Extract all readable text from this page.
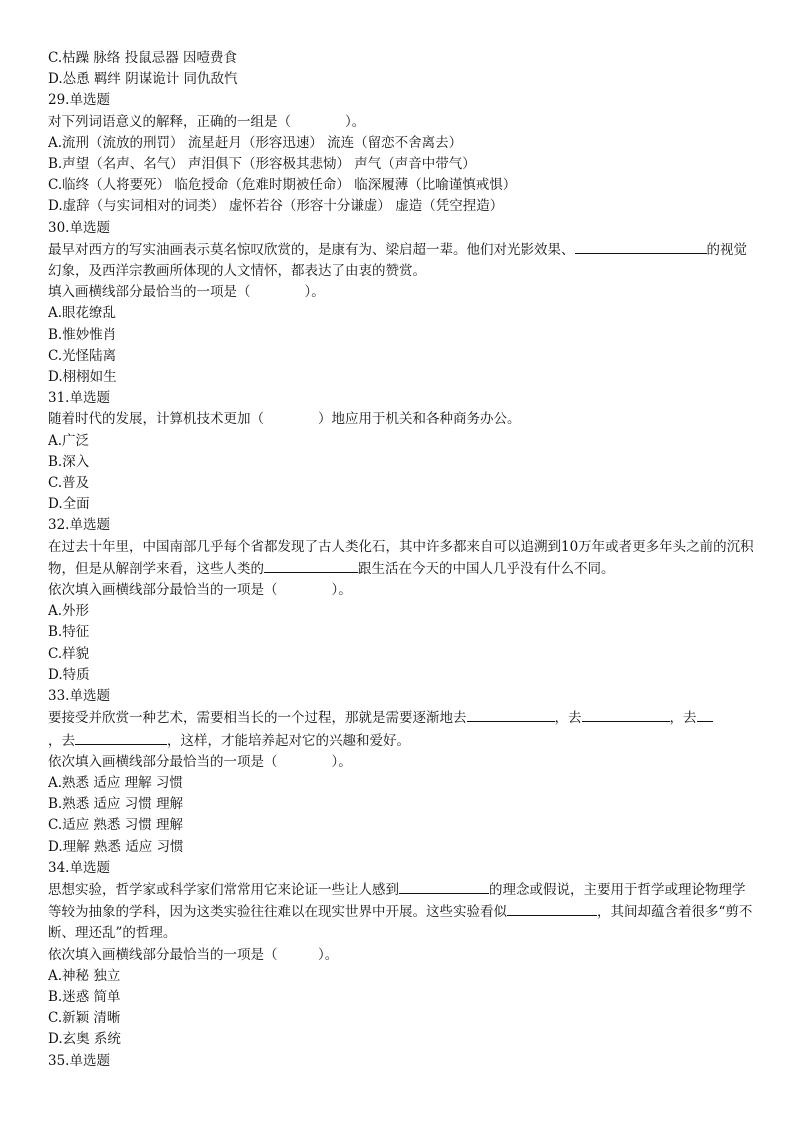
C.枯躁 脉络 投鼠忌器 因噎费食

D.怂恿 羁绊 阴谋诡计 同仇敌忾

29.单选题

对下列词语意义的解释，正确的一组是（　　　　）。

A.流刑（流放的刑罚） 流星赶月（形容迅速） 流连（留恋不舍离去）

B.声望（名声、名气） 声泪俱下（形容极其悲恸） 声气（声音中带气）

C.临终（人将要死） 临危授命（危难时期被任命） 临深履薄（比喻谨慎戒惧）

D.虚辞（与实词相对的词类） 虚怀若谷（形容十分谦虚） 虚造（凭空捏造）

30.单选题

最早对西方的写实油画表示莫名惊叹欣赏的，是康有为、梁启超一辈。他们对光影效果、	的视觉幻象，及西洋宗教画所体现的人文情怀，都表达了由衷的赞赏。

填入画横线部分最恰当的一项是（　　　　）。

A.眼花缭乱

B.惟妙惟肖

C.光怪陆离

D.栩栩如生

31.单选题

随着时代的发展，计算机技术更加（　　　　）地应用于机关和各种商务办公。

A.广泛

B.深入

C.普及

D.全面

32.单选题

在过去十年里，中国南部几乎每个省都发现了古人类化石，其中许多都来自可以追溯到10万年或者更多年头之前的沉积物，但是从解剖学来看，这些人类的	跟生活在今天的中国人几乎没有什么不同。

依次填入画横线部分最恰当的一项是（　　　　）。

A.外形

B.特征

C.样貌

D.特质

33.单选题

要接受并欣赏一种艺术，需要相当长的一个过程，那就是需要逐渐地去	，去	，去
，去	，这样，才能培养起对它的兴趣和爱好。

依次填入画横线部分最恰当的一项是（　　　　）。

A.熟悉 适应 理解 习惯

B.熟悉 适应 习惯 理解

C.适应 熟悉 习惯 理解

D.理解 熟悉 适应 习惯

34.单选题

思想实验，哲学家或科学家们常常用它来论证一些让人感到	的理念或假说，主要用于哲学或理论物理学等较为抽象的学科，因为这类实验往往难以在现实世界中开展。这些实验看似	，其间却蕴含着很多“剪不断、理还乱”的哲理。

依次填入画横线部分最恰当的一项是（　　　）。

A.神秘 独立

B.迷惑 简单

C.新颖 清晰

D.玄奥 系统

35.单选题
